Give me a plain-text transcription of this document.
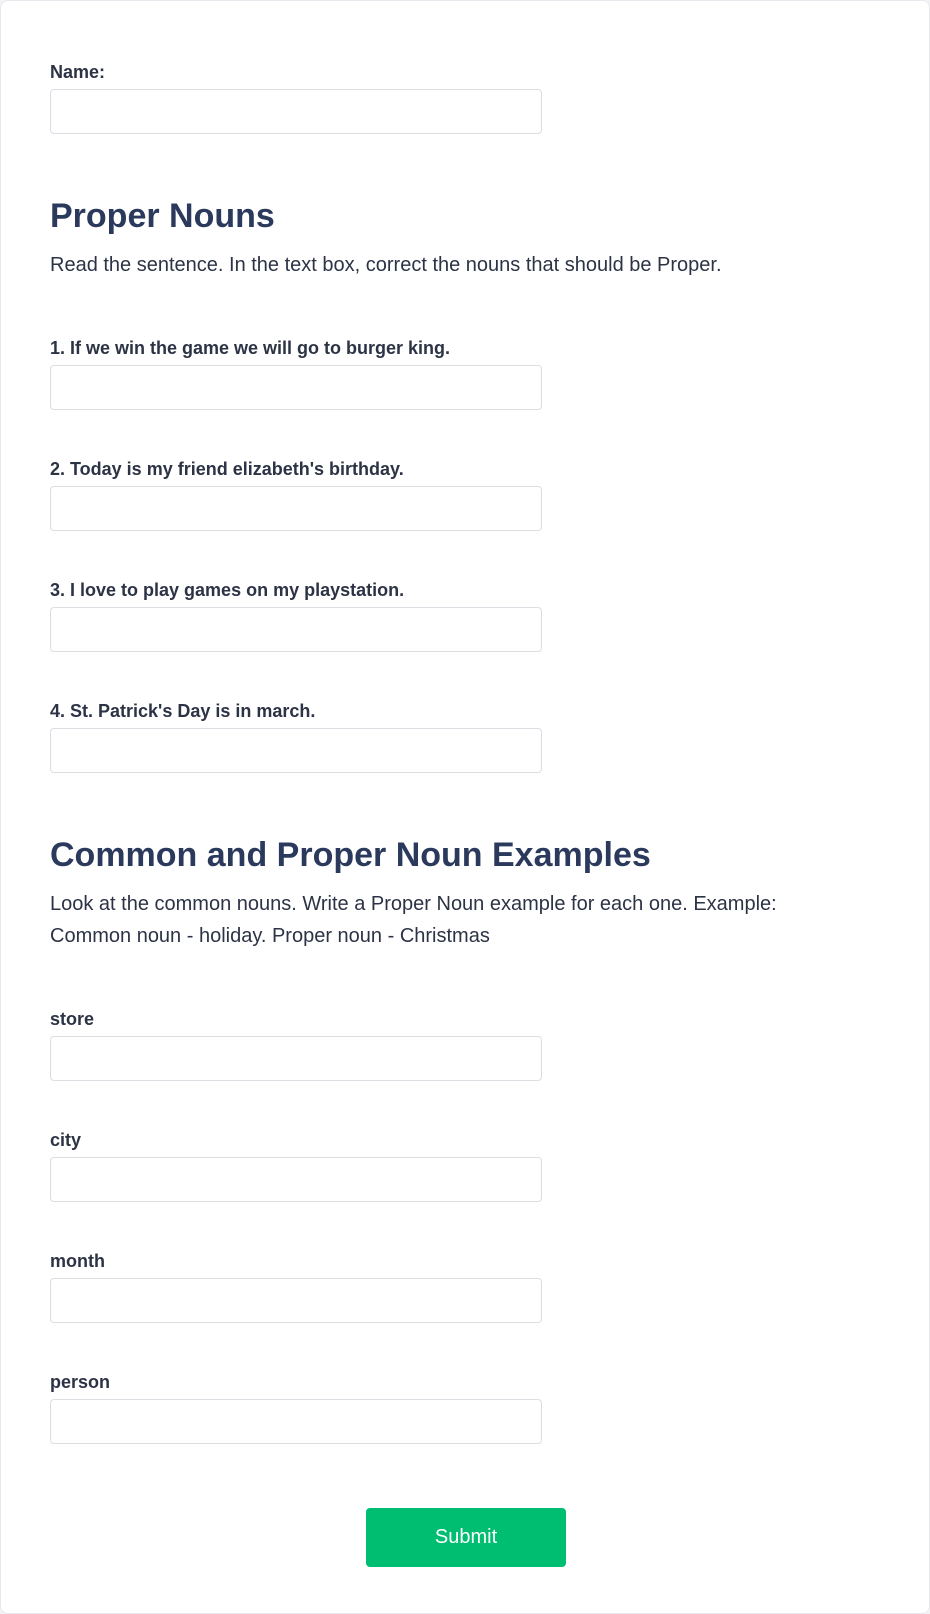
Name:
Proper Nouns

Read the sentence. In the text box, correct the nouns that should be Proper.

1. If we win the game we will go to burger king.
2. Today is my friend elizabeth's birthday.
3. I love to play games on my playstation.
4. St. Patrick's Day is in march.
Common and Proper Noun Examples

Look at the common nouns. Write a Proper Noun example for each one. Example: Common noun - holiday. Proper noun - Christmas

store
city
month
person
Submit
